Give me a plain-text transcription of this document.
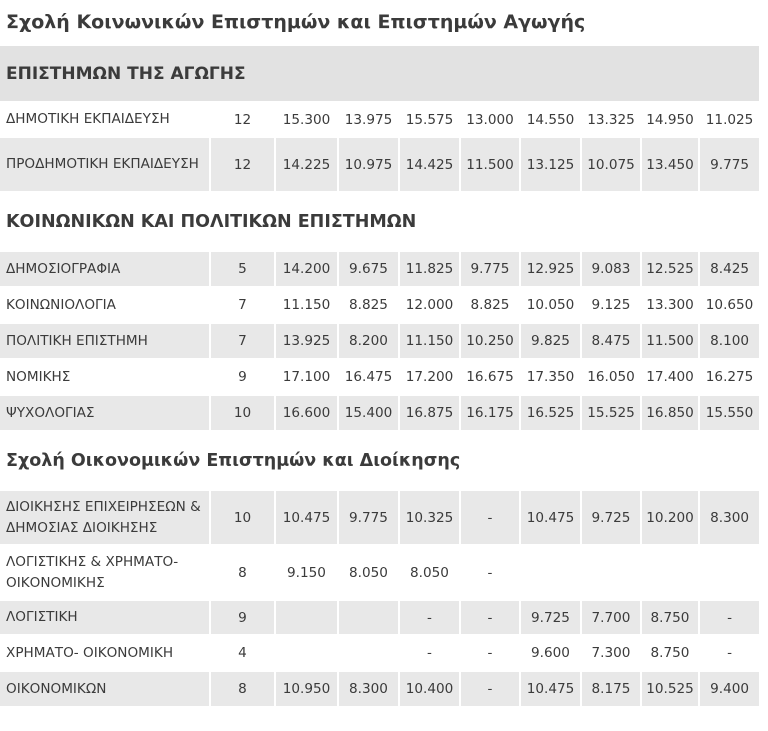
Σχολή Κοινωνικών Επιστημών και Επιστημών Αγωγής									
ΕΠΙΣΤΗΜΩΝ ΤΗΣ ΑΓΩΓΗΣ									
ΔΗΜΟΤΙΚΗ ΕΚΠΑΙΔΕΥΣΗ	12	15.300	13.975	15.575	13.000	14.550	13.325	14.950	11.025
ΠΡΟΔΗΜΟΤΙΚΗ ΕΚΠΑΙΔΕΥΣΗ	12	14.225	10.975	14.425	11.500	13.125	10.075	13.450	9.775
ΚΟΙΝΩΝΙΚΩΝ ΚΑΙ ΠΟΛΙΤΙΚΩΝ ΕΠΙΣΤΗΜΩΝ									
ΔΗΜΟΣΙΟΓΡΑΦΙΑ	5	14.200	9.675	11.825	9.775	12.925	9.083	12.525	8.425
ΚΟΙΝΩΝΙΟΛΟΓΙΑ	7	11.150	8.825	12.000	8.825	10.050	9.125	13.300	10.650
ΠΟΛΙΤΙΚΗ ΕΠΙΣΤΗΜΗ	7	13.925	8.200	11.150	10.250	9.825	8.475	11.500	8.100
ΝΟΜΙΚΗΣ	9	17.100	16.475	17.200	16.675	17.350	16.050	17.400	16.275
ΨΥΧΟΛΟΓΙΑΣ	10	16.600	15.400	16.875	16.175	16.525	15.525	16.850	15.550
Σχολή Οικονομικών Επιστημών και Διοίκησης									
ΔΙΟΙΚΗΣΗΣ ΕΠΙΧΕΙΡΗΣΕΩΝ & ΔΗΜΟΣΙΑΣ ΔΙΟΙΚΗΣΗΣ	10	10.475	9.775	10.325	-	10.475	9.725	10.200	8.300
ΛΟΓΙΣΤΙΚΗΣ & ΧΡΗΜΑΤΟ- ΟΙΚΟΝΟΜΙΚΗΣ	8	9.150	8.050	8.050	-				
ΛΟΓΙΣΤΙΚΗ	9			-	-	9.725	7.700	8.750	-
ΧΡΗΜΑΤΟ- ΟΙΚΟΝΟΜΙΚΗ	4			-	-	9.600	7.300	8.750	-
ΟΙΚΟΝΟΜΙΚΩΝ	8	10.950	8.300	10.400	-	10.475	8.175	10.525	9.400
